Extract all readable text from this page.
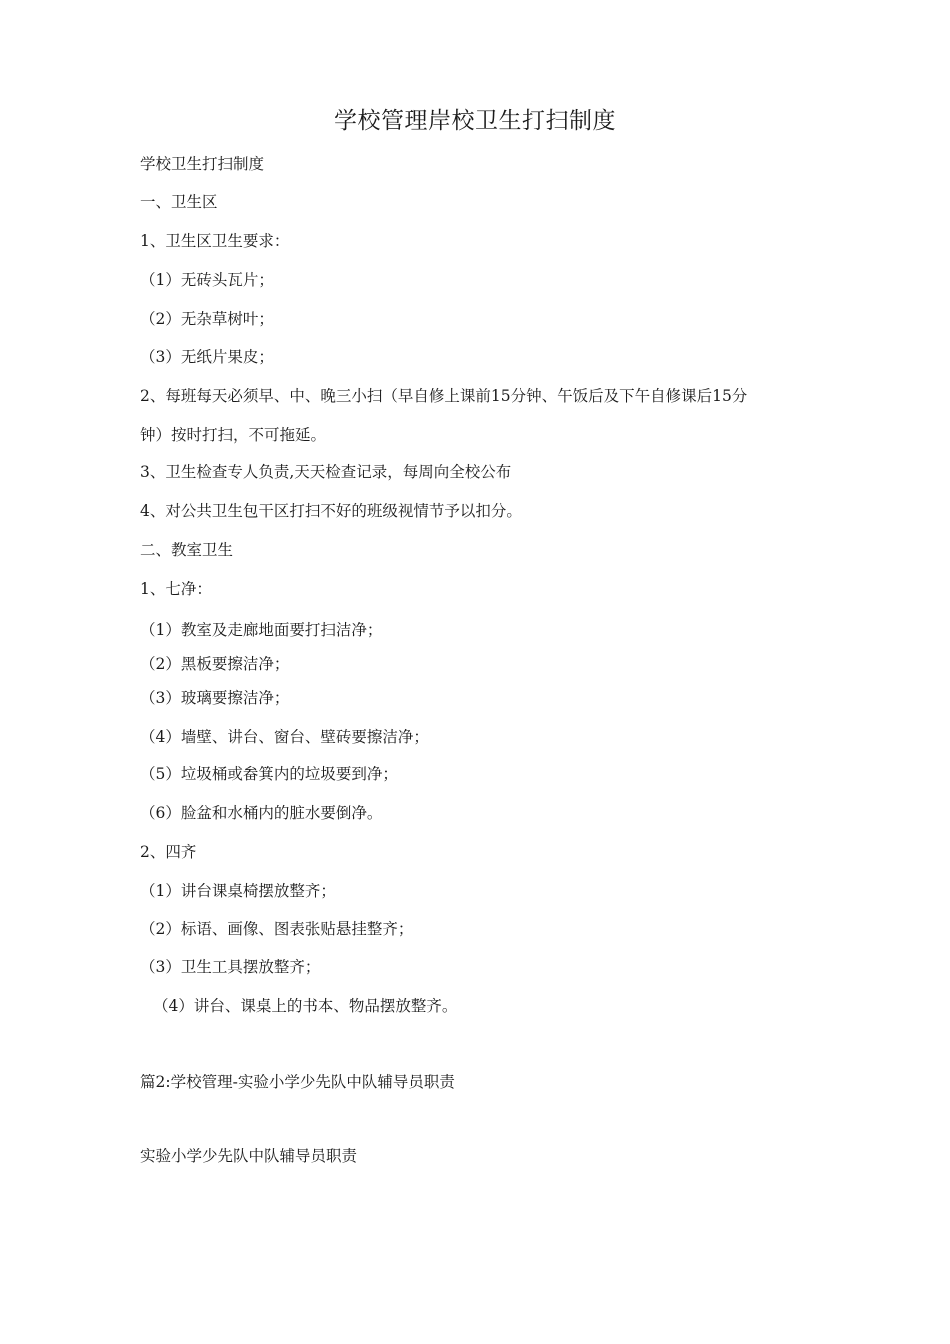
学校管理岸校卫生打扫制度
学校卫生打扫制度
一、卫生区
1、卫生区卫生要求：
（1）无砖头瓦片；
（2）无杂草树叶；
（3）无纸片果皮；
2、每班每天必须早、中、晚三小扫（早自修上课前15分钟、午饭后及下午自修课后15分
钟）按时打扫，不可拖延。
3、卫生检查专人负责,天天检查记录，每周向全校公布
4、对公共卫生包干区打扫不好的班级视情节予以扣分。
二、教室卫生
1、七净：
（1）教室及走廊地面要打扫洁净；
（2）黑板要擦洁净；
（3）玻璃要擦洁净；
（4）墙壁、讲台、窗台、壁砖要擦洁净；
（5）垃圾桶或畚箕内的垃圾要到净；
（6）脸盆和水桶内的脏水要倒净。
2、四齐
（1）讲台课桌椅摆放整齐；
（2）标语、画像、图表张贴悬挂整齐；
（3）卫生工具摆放整齐；
（4）讲台、课桌上的书本、物品摆放整齐。
篇2:学校管理-实验小学少先队中队辅导员职责
实验小学少先队中队辅导员职责
